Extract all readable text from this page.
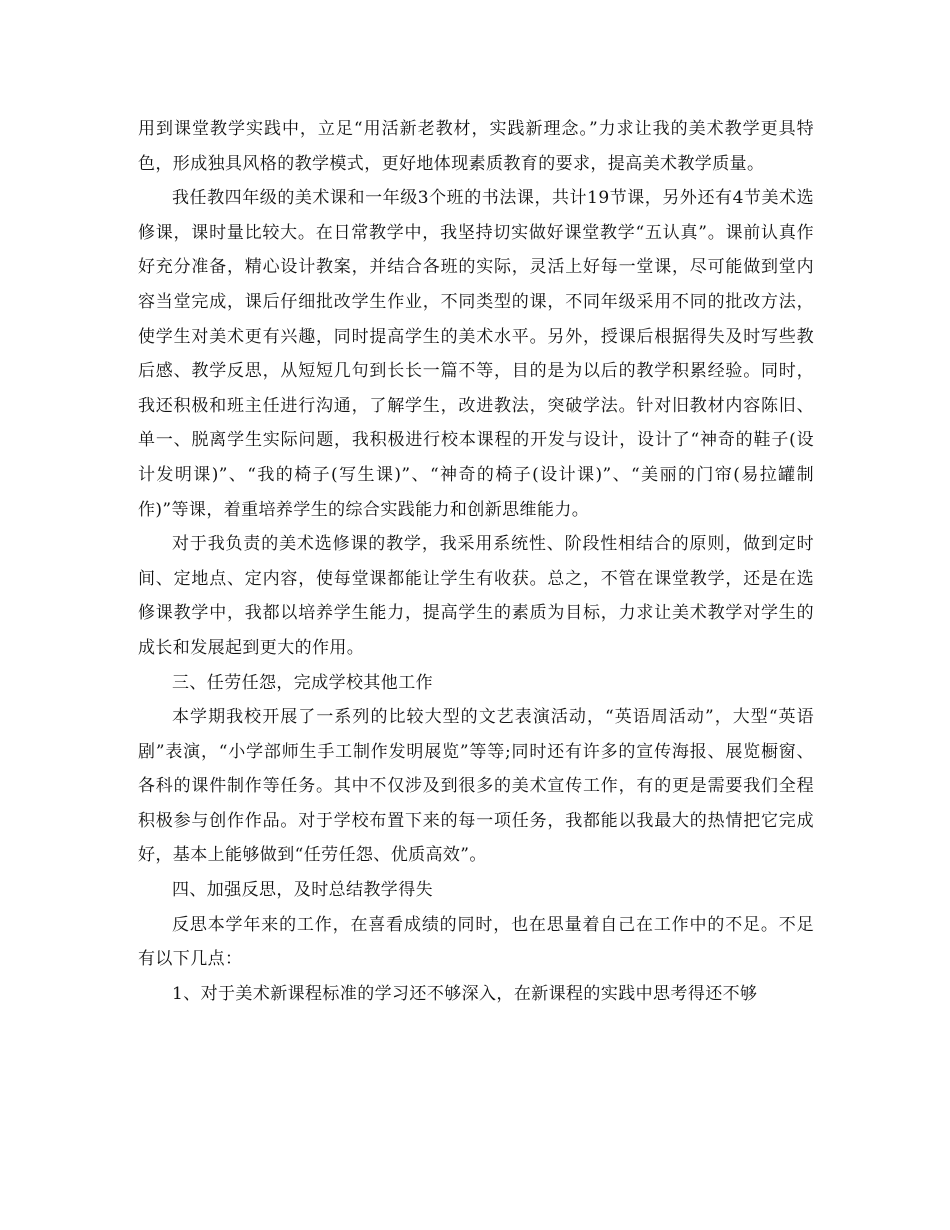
用到课堂教学实践中，立足“用活新老教材，实践新理念。”力求让我的美术教学更具特色，形成独具风格的教学模式，更好地体现素质教育的要求，提高美术教学质量。

我任教四年级的美术课和一年级3个班的书法课，共计19节课，另外还有4节美术选修课，课时量比较大。在日常教学中，我坚持切实做好课堂教学“五认真”。课前认真作好充分准备，精心设计教案，并结合各班的实际，灵活上好每一堂课，尽可能做到堂内容当堂完成，课后仔细批改学生作业，不同类型的课，不同年级采用不同的批改方法，使学生对美术更有兴趣，同时提高学生的美术水平。另外，授课后根据得失及时写些教后感、教学反思，从短短几句到长长一篇不等，目的是为以后的教学积累经验。同时，我还积极和班主任进行沟通，了解学生，改进教法，突破学法。针对旧教材内容陈旧、单一、脱离学生实际问题，我积极进行校本课程的开发与设计，设计了“神奇的鞋子(设计发明课)”、“我的椅子(写生课)”、“神奇的椅子(设计课)”、“美丽的门帘(易拉罐制作)”等课，着重培养学生的综合实践能力和创新思维能力。

对于我负责的美术选修课的教学，我采用系统性、阶段性相结合的原则，做到定时间、定地点、定内容，使每堂课都能让学生有收获。总之，不管在课堂教学，还是在选修课教学中，我都以培养学生能力，提高学生的素质为目标，力求让美术教学对学生的成长和发展起到更大的作用。

三、任劳任怨，完成学校其他工作

本学期我校开展了一系列的比较大型的文艺表演活动，“英语周活动”，大型“英语剧”表演，“小学部师生手工制作发明展览”等等;同时还有许多的宣传海报、展览橱窗、各科的课件制作等任务。其中不仅涉及到很多的美术宣传工作，有的更是需要我们全程积极参与创作作品。对于学校布置下来的每一项任务，我都能以我最大的热情把它完成好，基本上能够做到“任劳任怨、优质高效”。

四、加强反思，及时总结教学得失

反思本学年来的工作，在喜看成绩的同时，也在思量着自己在工作中的不足。不足有以下几点：

1、对于美术新课程标准的学习还不够深入，在新课程的实践中思考得还不够
